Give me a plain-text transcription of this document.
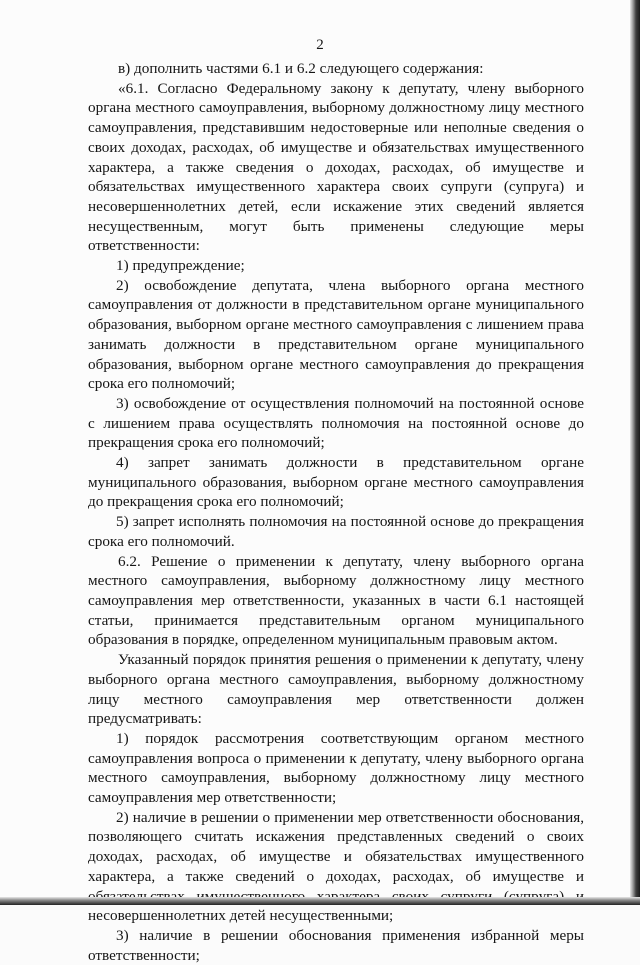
2

в) дополнить частями 6.1 и 6.2 следующего содержания:

«6.1. Согласно Федеральному закону к депутату, члену выборного органа местного самоуправления, выборному должностному лицу местного самоуправления, представившим недостоверные или неполные сведения о своих доходах, расходах, об имуществе и обязательствах имущественного характера, а также сведения о доходах, расходах, об имуществе и обязательствах имущественного характера своих супруги (супруга) и несовершеннолетних детей, если искажение этих сведений является несущественным, могут быть применены следующие меры ответственности:

1) предупреждение;

2) освобождение депутата, члена выборного органа местного самоуправления от должности в представительном органе муниципального образования, выборном органе местного самоуправления с лишением права занимать должности в представительном органе муниципального образования, выборном органе местного самоуправления до прекращения срока его полномочий;

3) освобождение от осуществления полномочий на постоянной основе с лишением права осуществлять полномочия на постоянной основе до прекращения срока его полномочий;

4) запрет занимать должности в представительном органе муниципального образования, выборном органе местного самоуправления до прекращения срока его полномочий;

5) запрет исполнять полномочия на постоянной основе до прекращения срока его полномочий.

6.2. Решение о применении к депутату, члену выборного органа местного самоуправления, выборному должностному лицу местного самоуправления мер ответственности, указанных в части 6.1 настоящей статьи, принимается представительным органом муниципального образования в порядке, определенном муниципальным правовым актом.

Указанный порядок принятия решения о применении к депутату, члену выборного органа местного самоуправления, выборному должностному лицу местного самоуправления мер ответственности должен предусматривать:

1) порядок рассмотрения соответствующим органом местного самоуправления вопроса о применении к депутату, члену выборного органа местного самоуправления, выборному должностному лицу местного самоуправления мер ответственности;

2) наличие в решении о применении мер ответственности обоснования, позволяющего считать искажения представленных сведений о своих доходах, расходах, об имуществе и обязательствах имущественного характера, а также сведений о доходах, расходах, об имуществе и несовершеннолетних детей несущественными;

3) наличие в решении обоснования применения избранной меры ответственности;
